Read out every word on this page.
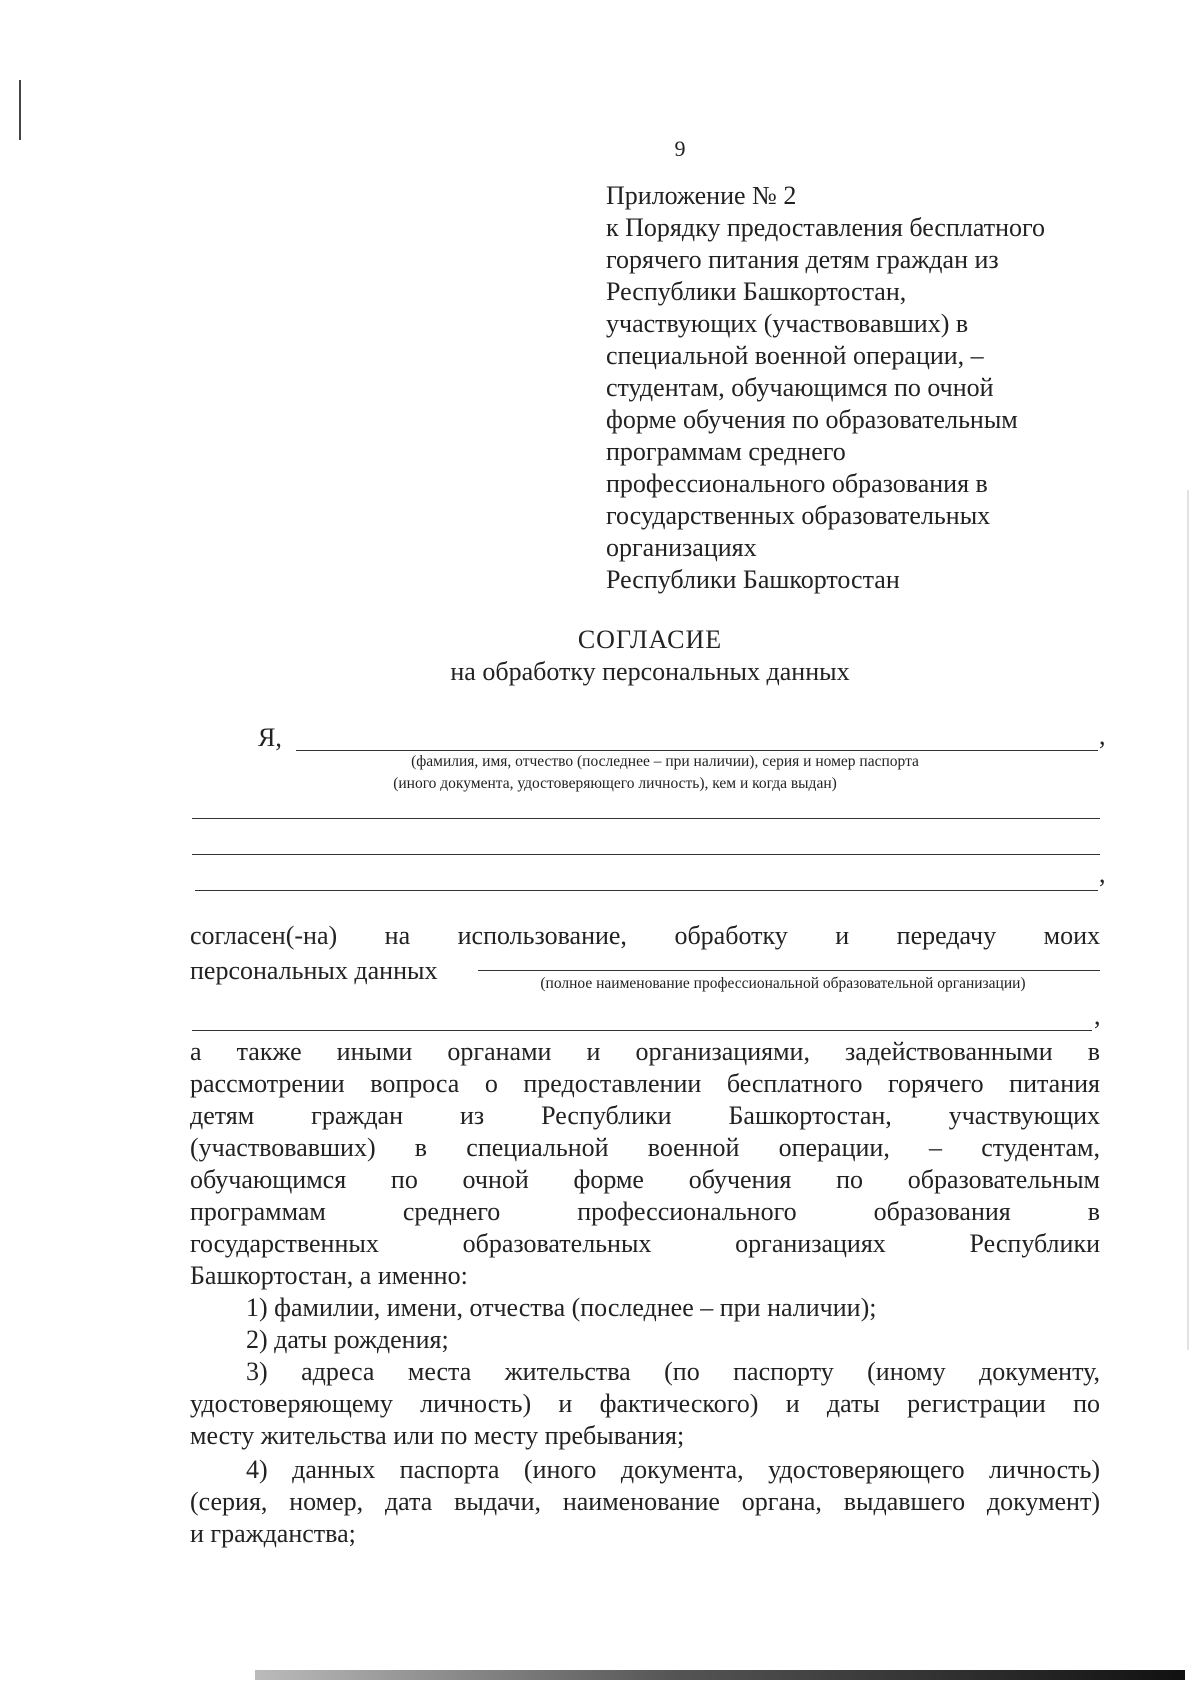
9
Приложение № 2
к Порядку предоставления бесплатного
горячего питания детям граждан из
Республики Башкортостан,
участвующих (участвовавших) в
специальной военной операции, –
студентам, обучающимся по очной
форме обучения по образовательным
программам среднего
профессионального образования в
государственных образовательных
организациях
Республики Башкортостан
СОГЛАСИЕ
на обработку персональных данных
Я,	,
(фамилия, имя, отчество (последнее – при наличии), серия и номер паспорта
(иного документа, удостоверяющего личность), кем и когда выдан)
,
согласен(-на) на использование, обработку и передачу моих
персональных данных	(полное наименование профессиональной образовательной организации)
,
а также иными органами и организациями, задействованными в
рассмотрении вопроса о предоставлении бесплатного горячего питания
детям граждан из Республики Башкортостан, участвующих
(участвовавших) в специальной военной операции, – студентам,
обучающимся по очной форме обучения по образовательным
программам среднего профессионального образования в
государственных образовательных организациях Республики
Башкортостан, а именно:
1) фамилии, имени, отчества (последнее – при наличии);
2) даты рождения;
3) адреса места жительства (по паспорту (иному документу,
удостоверяющему личность) и фактического) и даты регистрации по
месту жительства или по месту пребывания;
4) данных паспорта (иного документа, удостоверяющего личность)
(серия, номер, дата выдачи, наименование органа, выдавшего документ)
и гражданства;
